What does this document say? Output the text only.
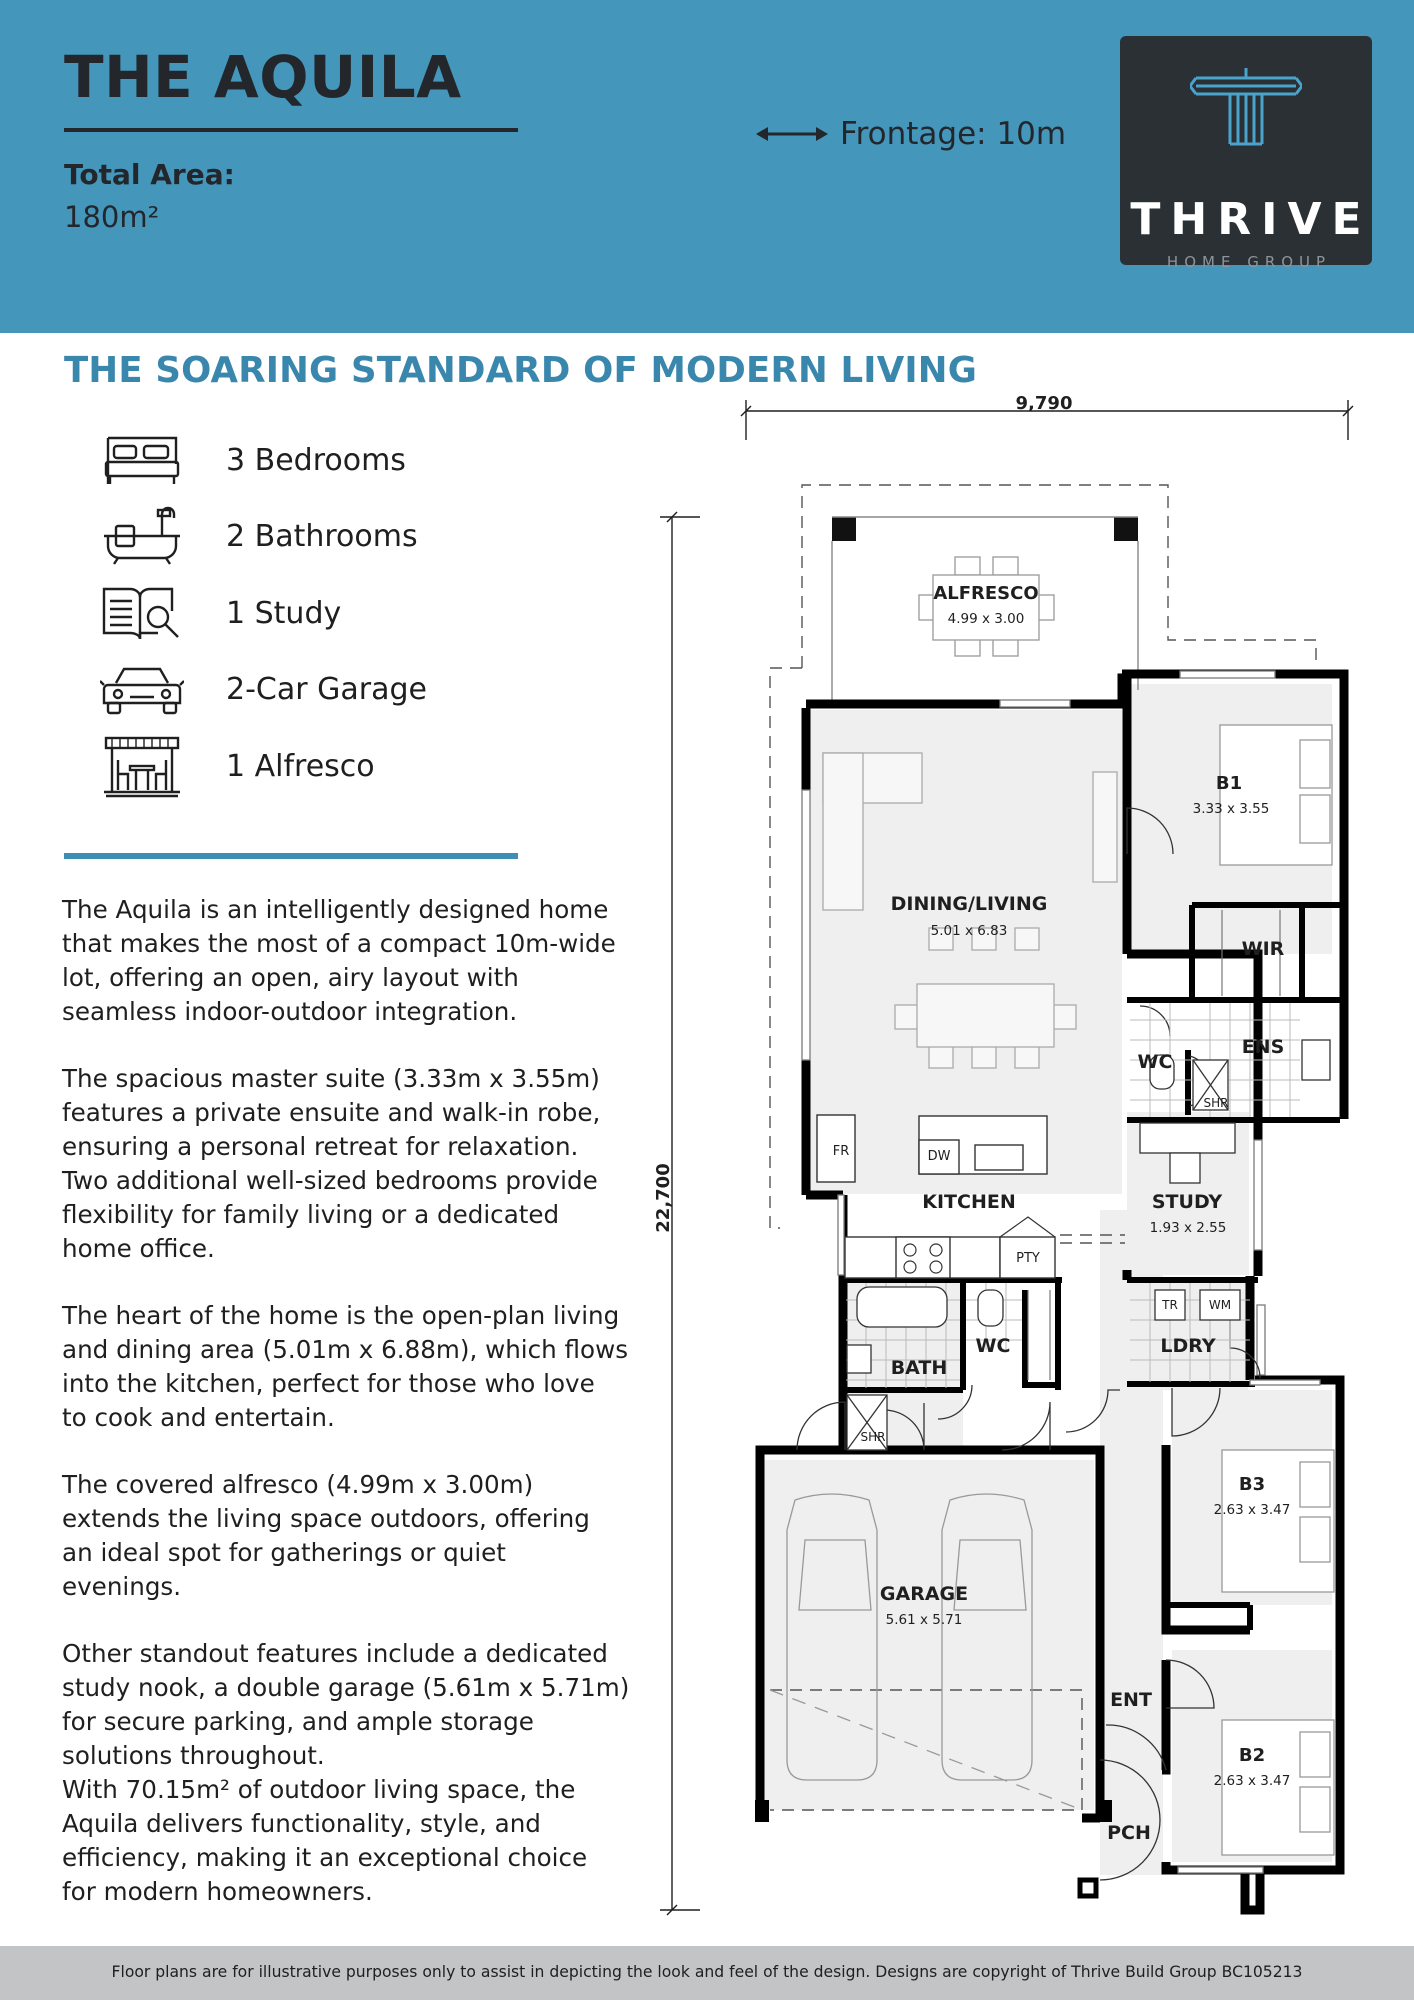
THE AQUILA
Total Area:
180m²
Frontage: 10m
THRIVE
HOME GROUP
THE SOARING STANDARD OF MODERN LIVING
3 Bedrooms
2 Bathrooms
1 Study
2-Car Garage
1 Alfresco

The Aquila is an intelligently designed home
that makes the most of a compact 10m-wide
lot, offering an open, airy layout with
seamless indoor-outdoor integration.

The spacious master suite (3.33m x 3.55m)
features a private ensuite and walk-in robe,
ensuring a personal retreat for relaxation.
Two additional well-sized bedrooms provide
flexibility for family living or a dedicated
home office.

The heart of the home is the open-plan living
and dining area (5.01m x 6.88m), which flows
into the kitchen, perfect for those who love
to cook and entertain.

The covered alfresco (4.99m x 3.00m)
extends the living space outdoors, offering
an ideal spot for gatherings or quiet
evenings.

Other standout features include a dedicated
study nook, a double garage (5.61m x 5.71m)
for secure parking, and ample storage
solutions throughout.
With 70.15m² of outdoor living space, the
Aquila delivers functionality, style, and
efficiency, making it an exceptional choice
for modern homeowners.

9,790
22,700
ALFRESCO
4.99 x 3.00
DINING/LIVING
5.01 x 6.83
B1
3.33 x 3.55
WIR
ENS
WC
SHR
KITCHEN
FR	DW
PTY
STUDY
1.93 x 2.55
TR	WM
LDRY
BATH
WC
SHR
B3
2.63 x 3.47
GARAGE
5.61 x 5.71
ENT
B2
2.63 x 3.47
PCH
Floor plans are for illustrative purposes only to assist in depicting the look and feel of the design. Designs are copyright of Thrive Build Group BC105213
